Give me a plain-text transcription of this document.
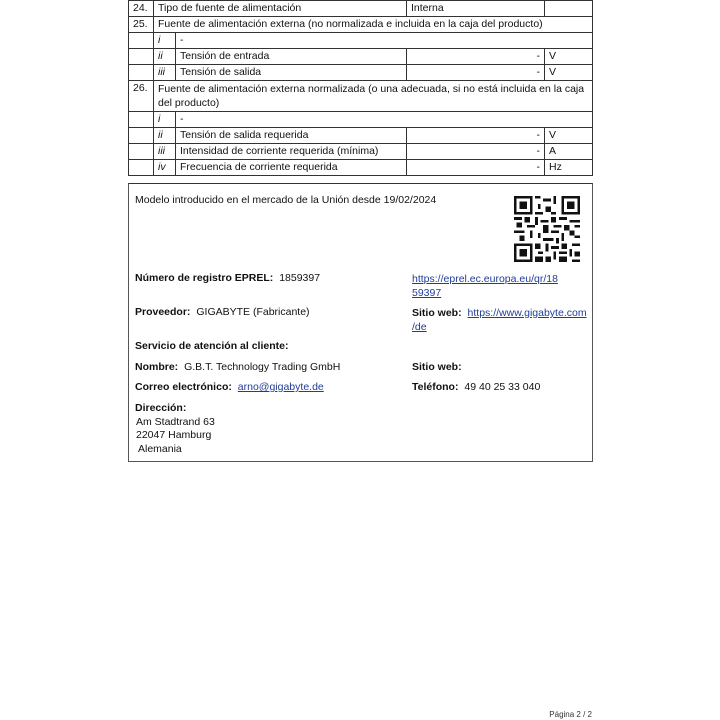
24.	Tipo de fuente de alimentación		Interna	
25.	Fuente de alimentación externa (no normalizada e incluida en la caja del producto)			
	i	-		
	ii	Tensión de entrada	-	V
	iii	Tensión de salida	-	V
26.	Fuente de alimentación externa normalizada (o una adecuada, si no está incluida en la caja del producto)			
	i	-		
	ii	Tensión de salida requerida	-	V
	iii	Intensidad de corriente requerida (mínima)	-	A
	iv	Frecuencia de corriente requerida	-	Hz
Modelo introducido en el mercado de la Unión desde 19/02/2024
Número de registro EPREL: 1859397	https://eprel.ec.europa.eu/qr/18
59397
Proveedor: GIGABYTE (Fabricante)	Sitio web: https://www.gigabyte.com
/de
Servicio de atención al cliente:
Nombre: G.B.T. Technology Trading GmbH	Sitio web:
Correo electrónico: arno@gigabyte.de	Teléfono: 49 40 25 33 040
Dirección:
Am Stadtrand 63
22047 Hamburg
Alemania
Página 2 / 2
